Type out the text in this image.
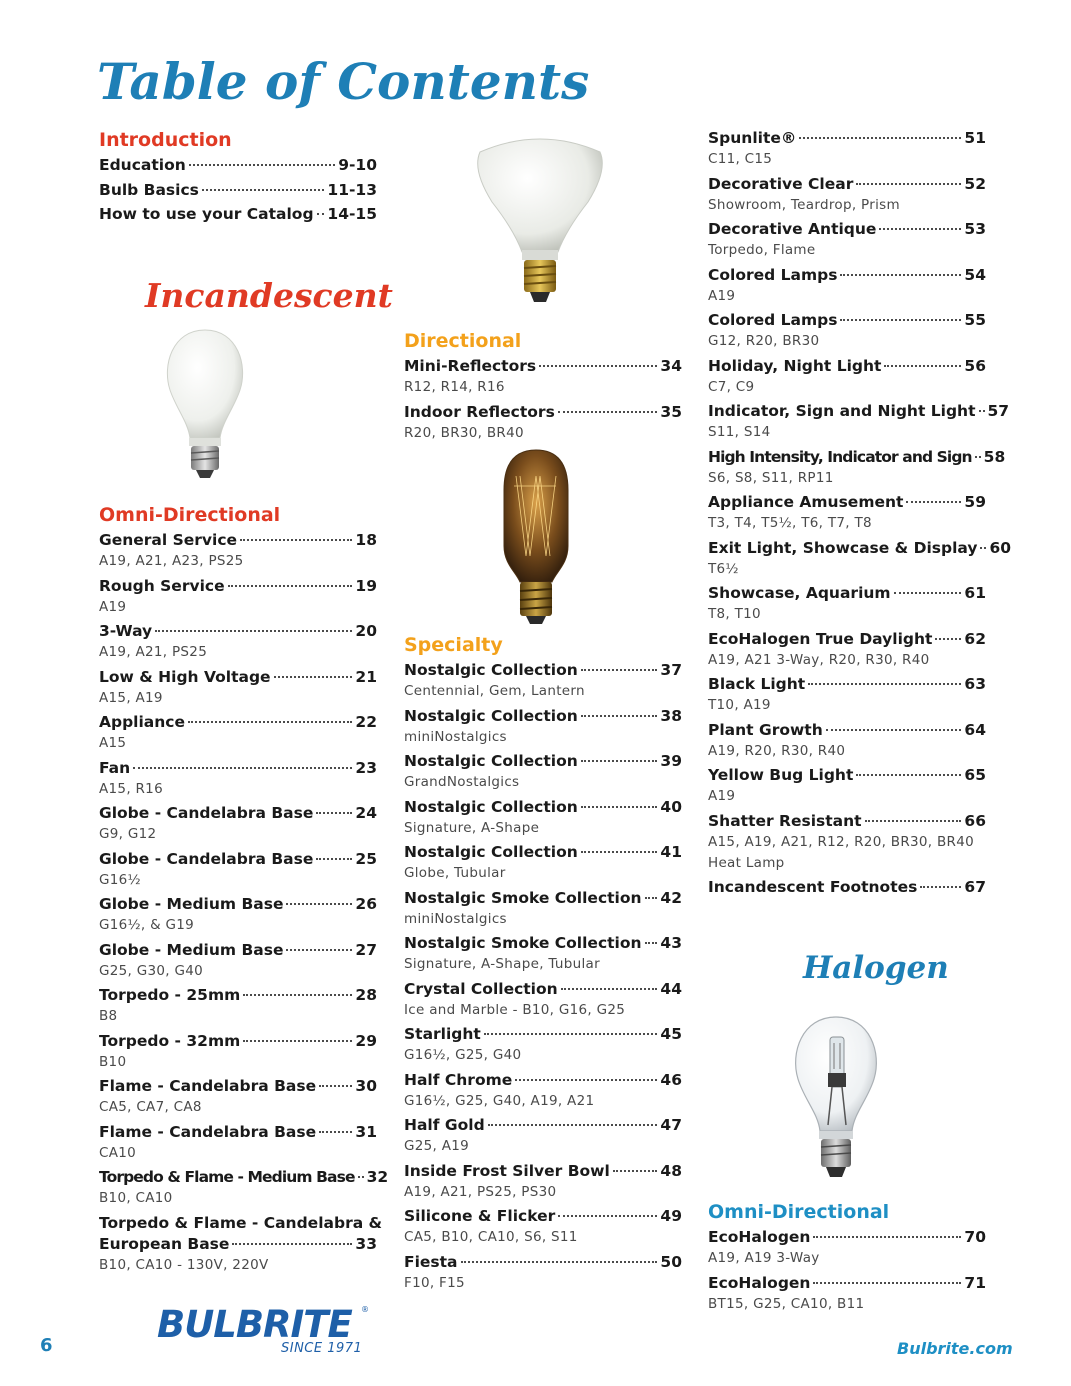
Table of Contents
Incandescent
Halogen
Introduction
Education	9-10
Bulb Basics	11-13
How to use your Catalog 14-15
Omni-Directional
General Service	18
A19, A21, A23, PS25
Rough Service	19
A19
3-Way	20
A19, A21, PS25
Low & High Voltage	21
A15, A19
Appliance	22
A15
Fan	23
A15, R16
Globe - Candelabra Base	24
G9, G12
Globe - Candelabra Base	25
G16½
Globe - Medium Base	26
G16½, & G19
Globe - Medium Base	27
G25, G30, G40
Torpedo - 25mm	28
B8
Torpedo - 32mm	29
B10
Flame - Candelabra Base	30
CA5, CA7, CA8
Flame - Candelabra Base	31
CA10
Torpedo & Flame - Medium Base 32
B10, CA10
Torpedo & Flame - Candelabra &
European Base	33
B10, CA10 - 130V, 220V
Directional
Mini-Reflectors	34
R12, R14, R16
Indoor Reflectors	35
R20, BR30, BR40
Specialty
Nostalgic Collection	37
Centennial, Gem, Lantern
Nostalgic Collection	38
miniNostalgics
Nostalgic Collection	39
GrandNostalgics
Nostalgic Collection	40
Signature, A-Shape
Nostalgic Collection	41
Globe, Tubular
Nostalgic Smoke Collection 42
miniNostalgics
Nostalgic Smoke Collection 43
Signature, A-Shape, Tubular
Crystal Collection	44
Ice and Marble - B10, G16, G25
Starlight	45
G16½, G25, G40
Half Chrome	46
G16½, G25, G40, A19, A21
Half Gold	47
G25, A19
Inside Frost Silver Bowl	48
A19, A21, PS25, PS30
Silicone & Flicker	49
CA5, B10, CA10, S6, S11
Fiesta	50
F10, F15
Spunlite®	51
C11, C15
Decorative Clear	52
Showroom, Teardrop, Prism
Decorative Antique	53
Torpedo, Flame
Colored Lamps	54
A19
Colored Lamps	55
G12, R20, BR30
Holiday, Night Light	56
C7, C9
Indicator, Sign and Night Light 57
S11, S14
High Intensity, Indicator and Sign 58
S6, S8, S11, RP11
Appliance Amusement	59
T3, T4, T5½, T6, T7, T8
Exit Light, Showcase & Display 60
T6½
Showcase, Aquarium	61
T8, T10
EcoHalogen True Daylight 62
A19, A21 3-Way, R20, R30, R40
Black Light	63
T10, A19
Plant Growth	64
A19, R20, R30, R40
Yellow Bug Light	65
A19
Shatter Resistant	66
A15, A19, A21, R12, R20, BR30, BR40
Heat Lamp
Incandescent Footnotes	67
Omni-Directional
EcoHalogen	70
A19, A19 3-Way
EcoHalogen	71
BT15, G25, CA10, B11
BULBRITE ®
SINCE 1971
6	Bulbrite.com
